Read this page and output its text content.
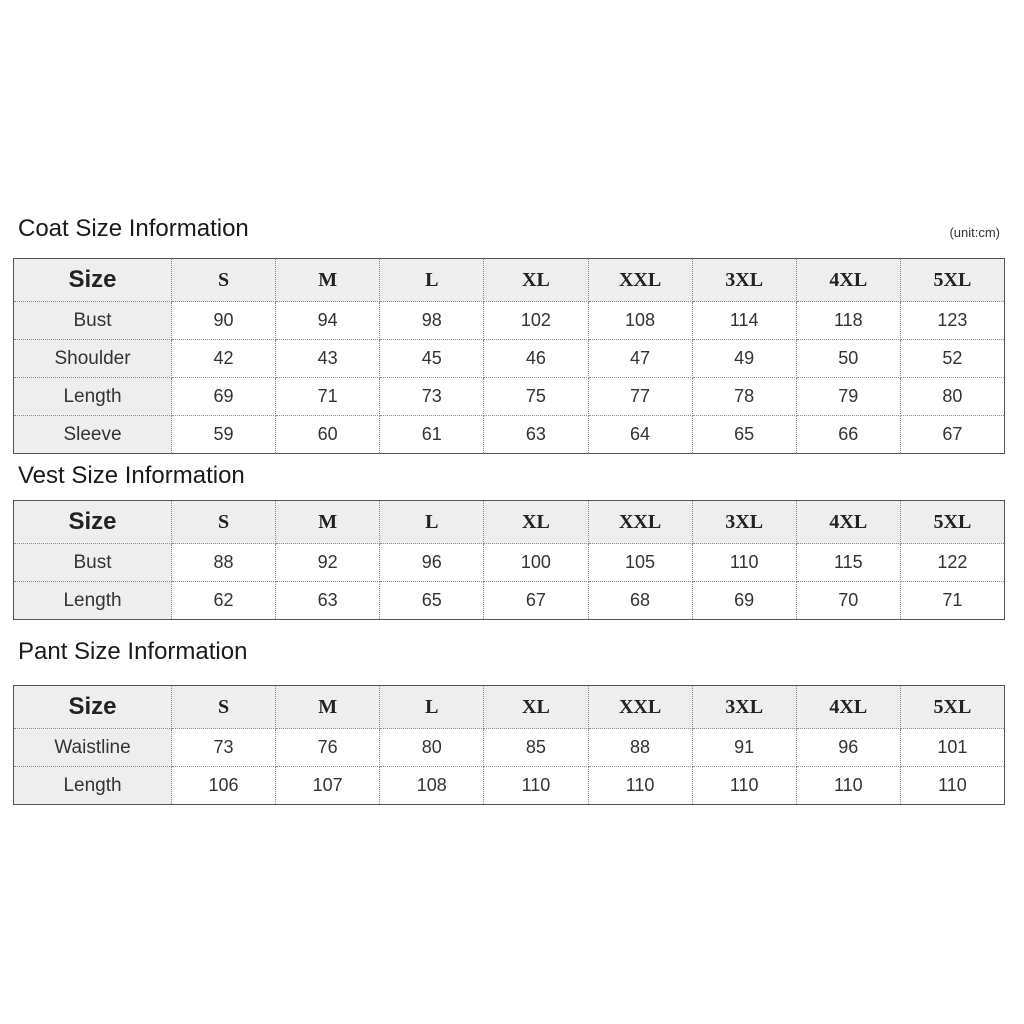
Coat Size Information	(unit:cm)
Size	S	M	L	XL	XXL	3XL	4XL	5XL
Bust	90	94	98	102	108	114	118	123
Shoulder	42	43	45	46	47	49	50	52
Length	69	71	73	75	77	78	79	80
Sleeve	59	60	61	63	64	65	66	67
Vest Size Information
Size	S	M	L	XL	XXL	3XL	4XL	5XL
Bust	88	92	96	100	105	110	115	122
Length	62	63	65	67	68	69	70	71
Pant Size Information
Size	S	M	L	XL	XXL	3XL	4XL	5XL
Waistline	73	76	80	85	88	91	96	101
Length	106	107	108	110	110	110	110	110
